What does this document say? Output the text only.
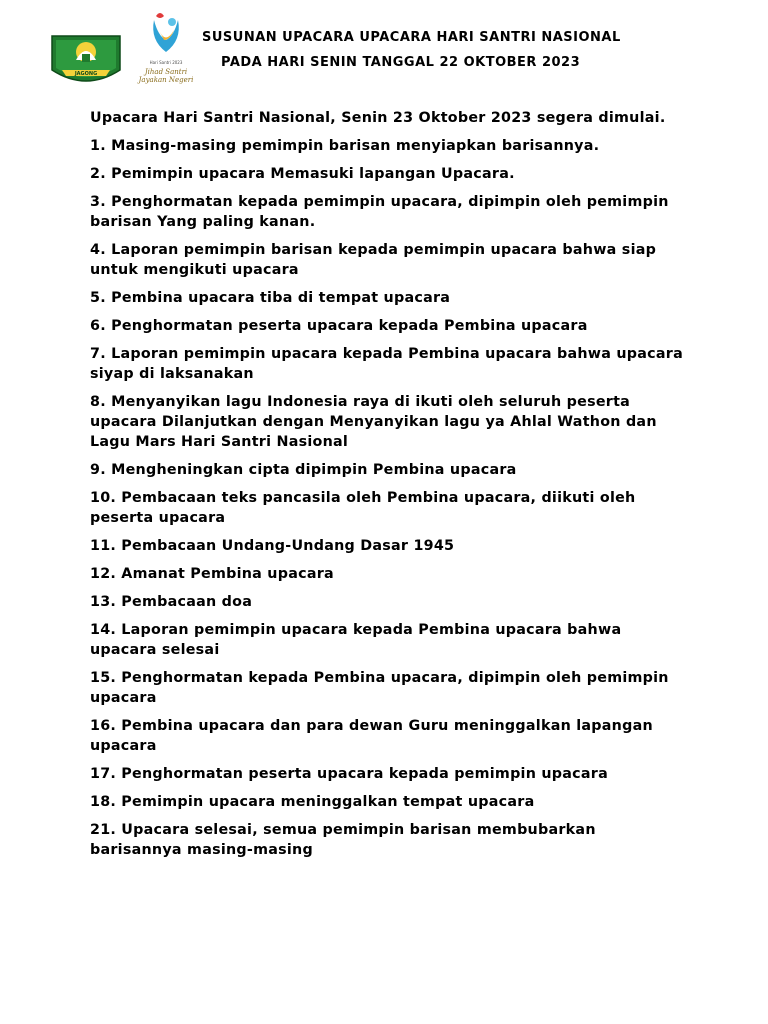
JAGONG
Hari Santri 2023
Jihad Santri Jayakan Negeri
SUSUNAN UPACARA UPACARA HARI SANTRI NASIONAL
PADA HARI SENIN TANGGAL 22 OKTOBER 2023

Upacara Hari Santri Nasional, Senin 23 Oktober 2023 segera dimulai.

1. Masing-masing pemimpin barisan menyiapkan barisannya.

2. Pemimpin upacara Memasuki lapangan Upacara.

3. Penghormatan kepada pemimpin upacara, dipimpin oleh pemimpin barisan Yang paling kanan.

4. Laporan pemimpin barisan kepada pemimpin upacara bahwa siap untuk mengikuti upacara

5. Pembina upacara tiba di tempat upacara

6. Penghormatan peserta upacara kepada Pembina upacara

7. Laporan pemimpin upacara kepada Pembina upacara bahwa upacara siyap di laksanakan

8. Menyanyikan lagu Indonesia raya di ikuti oleh seluruh peserta upacara Dilanjutkan dengan Menyanyikan lagu ya Ahlal Wathon dan Lagu Mars Hari Santri Nasional

9. Mengheningkan cipta dipimpin Pembina upacara

10. Pembacaan teks pancasila oleh Pembina upacara, diikuti oleh peserta upacara

11. Pembacaan Undang-Undang Dasar 1945

12. Amanat Pembina upacara

13. Pembacaan doa

14. Laporan pemimpin upacara kepada Pembina upacara bahwa upacara selesai

15. Penghormatan kepada Pembina upacara, dipimpin oleh pemimpin upacara

16. Pembina upacara dan para dewan Guru meninggalkan lapangan upacara

17. Penghormatan peserta upacara kepada pemimpin upacara

18. Pemimpin upacara meninggalkan tempat upacara

21. Upacara selesai, semua pemimpin barisan membubarkan barisannya masing-masing
